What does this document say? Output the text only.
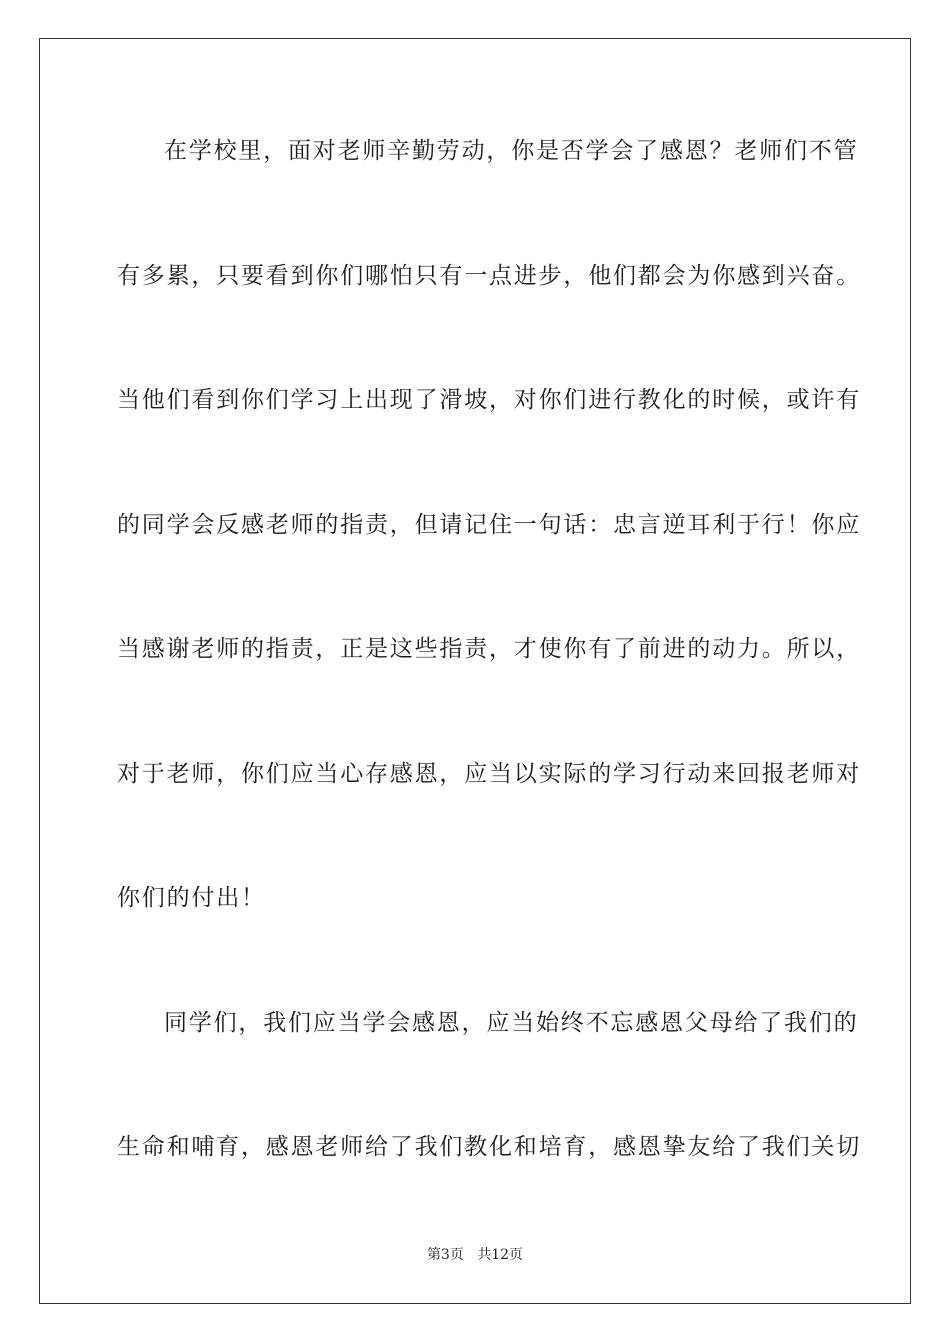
在学校里，面对老师辛勤劳动，你是否学会了感恩？老师们不管
有多累，只要看到你们哪怕只有一点进步，他们都会为你感到兴奋。
当他们看到你们学习上出现了滑坡，对你们进行教化的时候，或许有
的同学会反感老师的指责，但请记住一句话：忠言逆耳利于行！你应
当感谢老师的指责，正是这些指责，才使你有了前进的动力。所以，
对于老师，你们应当心存感恩，应当以实际的学习行动来回报老师对
你们的付出！
同学们，我们应当学会感恩，应当始终不忘感恩父母给了我们的
生命和哺育，感恩老师给了我们教化和培育，感恩挚友给了我们关切
第3页 共12页
